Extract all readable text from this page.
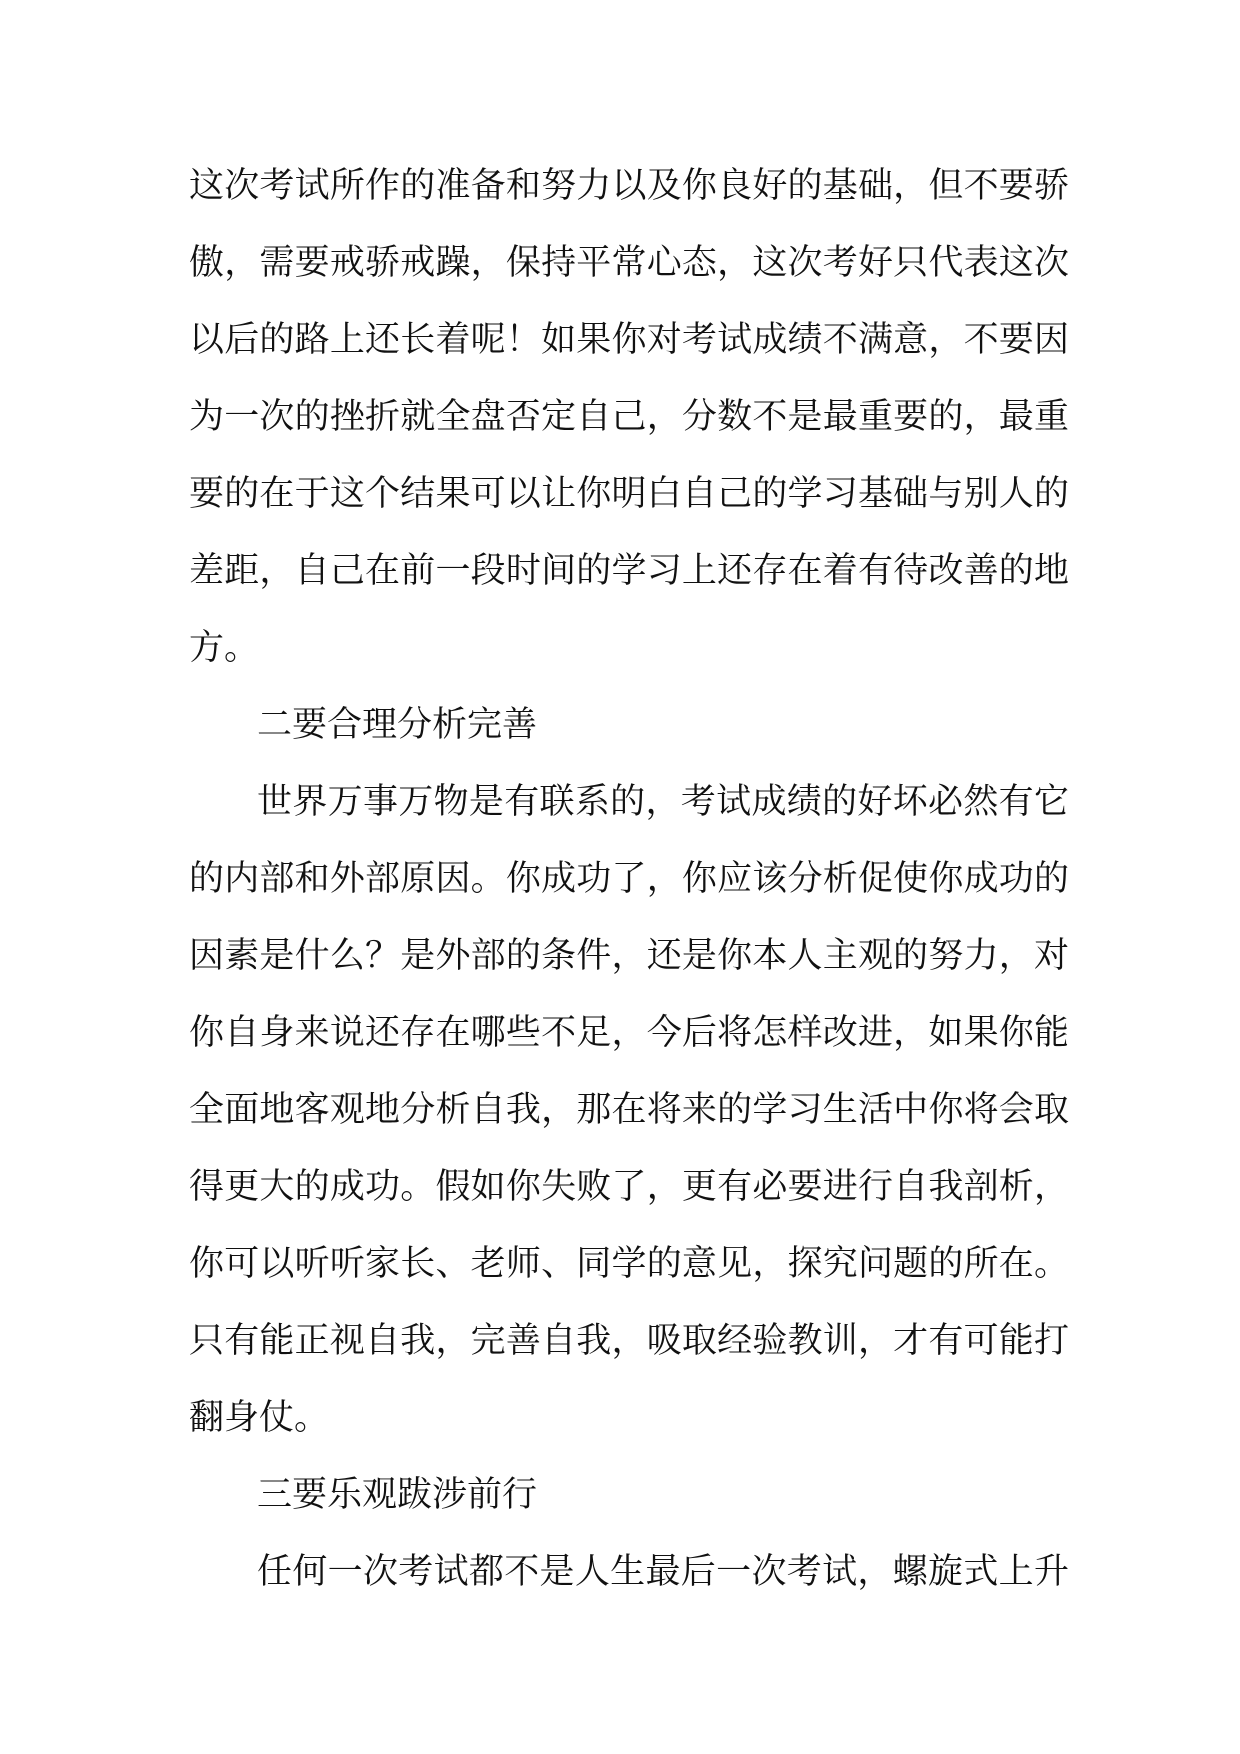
这次考试所作的准备和努力以及你良好的基础，但不要骄
傲，需要戒骄戒躁，保持平常心态，这次考好只代表这次
以后的路上还长着呢！如果你对考试成绩不满意，不要因
为一次的挫折就全盘否定自己，分数不是最重要的，最重
要的在于这个结果可以让你明白自己的学习基础与别人的
差距，自己在前一段时间的学习上还存在着有待改善的地
方。
二要合理分析完善
世界万事万物是有联系的，考试成绩的好坏必然有它
的内部和外部原因。你成功了，你应该分析促使你成功的
因素是什么？是外部的条件，还是你本人主观的努力，对
你自身来说还存在哪些不足，今后将怎样改进，如果你能
全面地客观地分析自我，那在将来的学习生活中你将会取
得更大的成功。假如你失败了，更有必要进行自我剖析，
你可以听听家长、老师、同学的意见，探究问题的所在。
只有能正视自我，完善自我，吸取经验教训，才有可能打
翻身仗。
三要乐观跋涉前行
任何一次考试都不是人生最后一次考试，螺旋式上升
